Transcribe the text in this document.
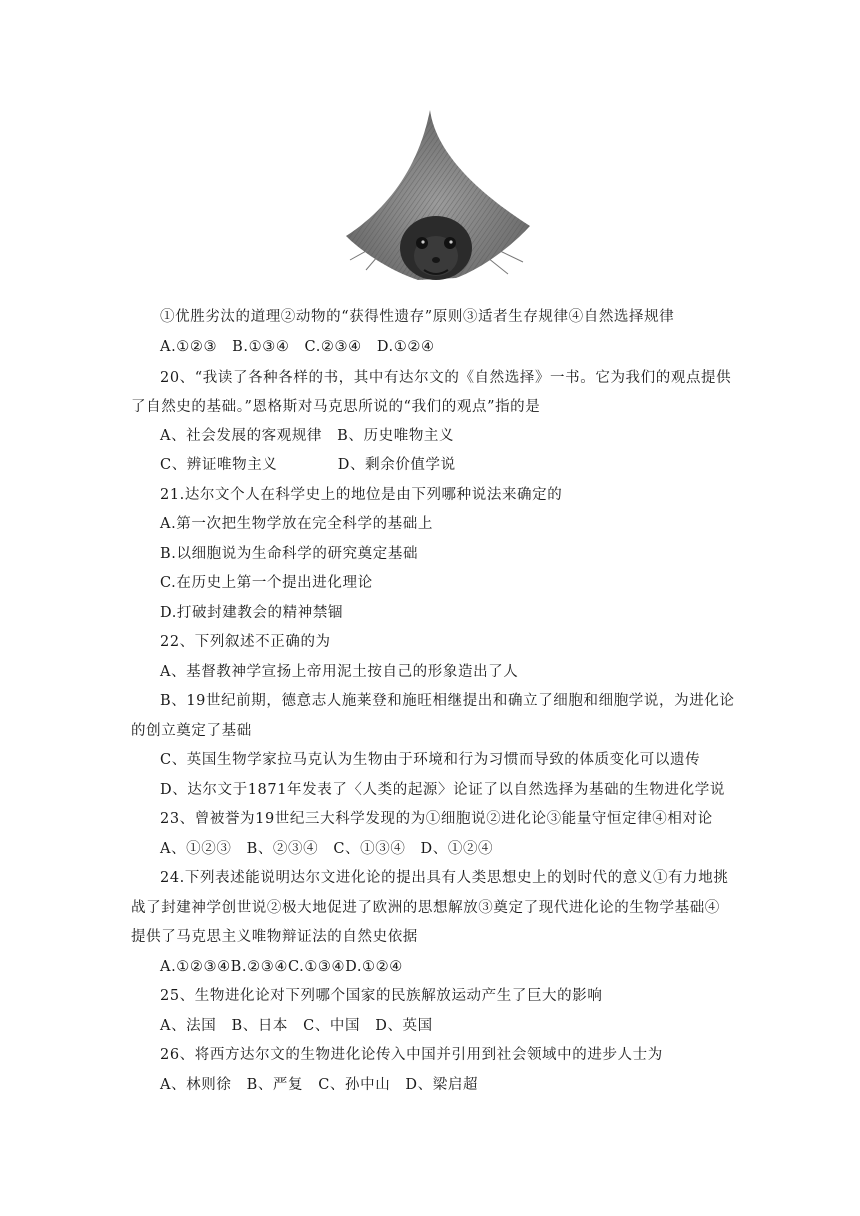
①优胜劣汰的道理②动物的“获得性遗存”原则③适者生存规律④自然选择规律
A.①②③　B.①③④　C.②③④　D.①②④
20、“我读了各种各样的书，其中有达尔文的《自然选择》一书。它为我们的观点提供
了自然史的基础。”恩格斯对马克思所说的“我们的观点”指的是
A、社会发展的客观规律　B、历史唯物主义
C、辨证唯物主义　　　　D、剩余价值学说
21.达尔文个人在科学史上的地位是由下列哪种说法来确定的
A.第一次把生物学放在完全科学的基础上
B.以细胞说为生命科学的研究奠定基础
C.在历史上第一个提出进化理论
D.打破封建教会的精神禁锢
22、下列叙述不正确的为
A、基督教神学宣扬上帝用泥土按自己的形象造出了人
B、19世纪前期，德意志人施莱登和施旺相继提出和确立了细胞和细胞学说，为进化论
的创立奠定了基础
C、英国生物学家拉马克认为生物由于环境和行为习惯而导致的体质变化可以遗传
D、达尔文于1871年发表了〈人类的起源〉论证了以自然选择为基础的生物进化学说
23、曾被誉为19世纪三大科学发现的为①细胞说②进化论③能量守恒定律④相对论
A、①②③　B、②③④　C、①③④　D、①②④
24.下列表述能说明达尔文进化论的提出具有人类思想史上的划时代的意义①有力地挑
战了封建神学创世说②极大地促进了欧洲的思想解放③奠定了现代进化论的生物学基础④
提供了马克思主义唯物辩证法的自然史依据
A.①②③④B.②③④C.①③④D.①②④
25、生物进化论对下列哪个国家的民族解放运动产生了巨大的影响
A、法国　B、日本　C、中国　D、英国
26、将西方达尔文的生物进化论传入中国并引用到社会领域中的进步人士为
A、林则徐　B、严复　C、孙中山　D、梁启超
